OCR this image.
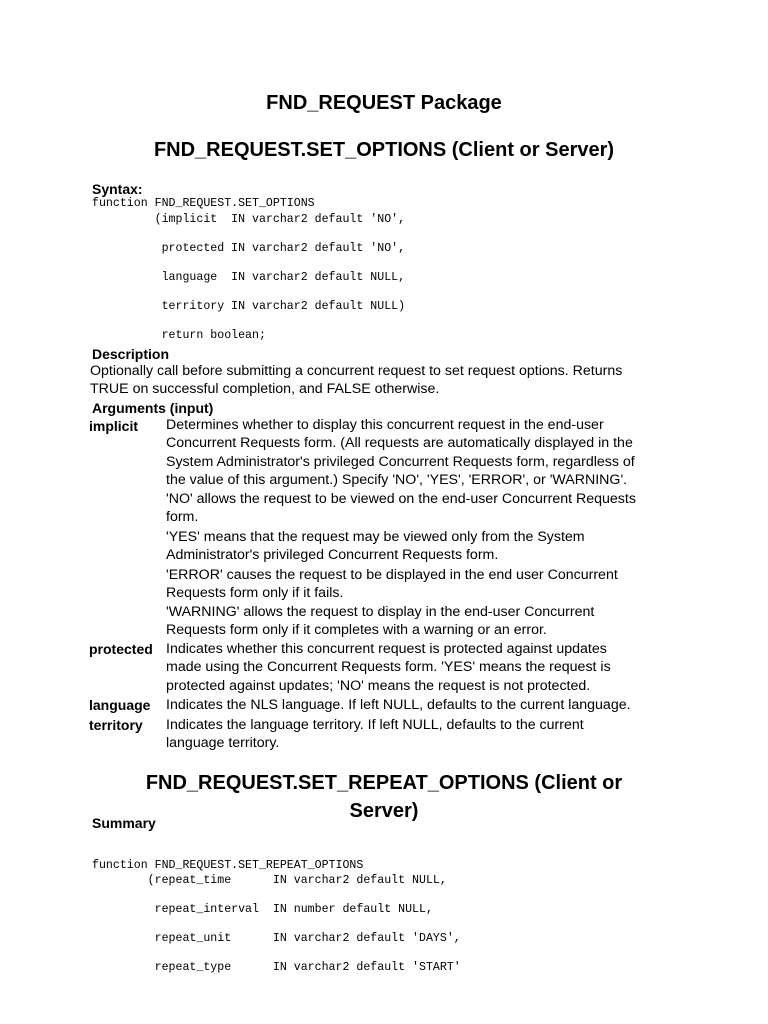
FND_REQUEST Package
FND_REQUEST.SET_OPTIONS (Client or Server)
Syntax:
function FND_REQUEST.SET_OPTIONS
(implicit  IN varchar2 default 'NO',
protected IN varchar2 default 'NO',
language  IN varchar2 default NULL,
territory IN varchar2 default NULL)
return boolean;
Description
Optionally call before submitting a concurrent request to set request options. Returns
TRUE on successful completion, and FALSE otherwise.
Arguments (input)
implicit Determines whether to display this concurrent request in the end-user
Concurrent Requests form. (All requests are automatically displayed in the
System Administrator's privileged Concurrent Requests form, regardless of
the value of this argument.) Specify 'NO', 'YES', 'ERROR', or 'WARNING'.
'NO' allows the request to be viewed on the end-user Concurrent Requests
form.
'YES' means that the request may be viewed only from the System
Administrator's privileged Concurrent Requests form.
'ERROR' causes the request to be displayed in the end user Concurrent
Requests form only if it fails.
'WARNING' allows the request to display in the end-user Concurrent
Requests form only if it completes with a warning or an error.
protected Indicates whether this concurrent request is protected against updates
made using the Concurrent Requests form. 'YES' means the request is
protected against updates; 'NO' means the request is not protected.
language Indicates the NLS language. If left NULL, defaults to the current language.
territory Indicates the language territory. If left NULL, defaults to the current
language territory.
FND_REQUEST.SET_REPEAT_OPTIONS (Client or
Server)
Summary
function FND_REQUEST.SET_REPEAT_OPTIONS
(repeat_time      IN varchar2 default NULL,
repeat_interval  IN number default NULL,
repeat_unit      IN varchar2 default 'DAYS',
repeat_type      IN varchar2 default 'START'
